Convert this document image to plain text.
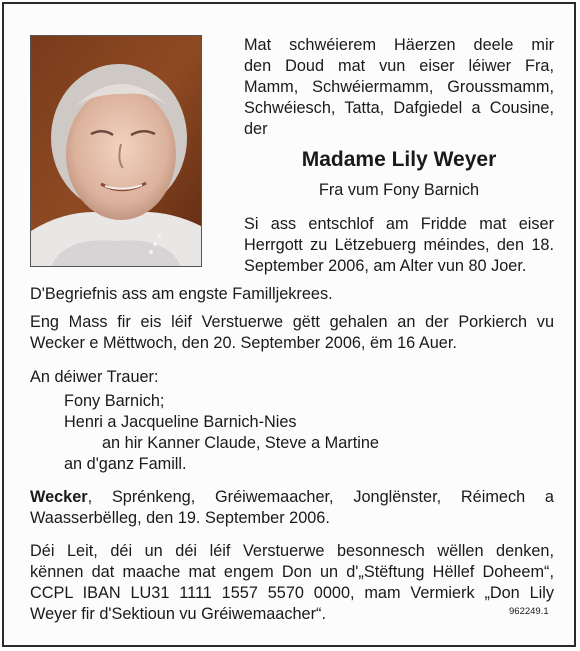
Mat schwéierem Häerzen deele mir
den Doud mat vun eiser léiwer Fra,
Mamm, Schwéiermamm, Groussmamm,
Schwéiesch, Tatta, Dafgiedel a Cousine,
der
Madame Lily Weyer
Fra vum Fony Barnich
Si ass entschlof am Fridde mat eiser
Herrgott zu Lëtzebuerg méindes, den 18.
September 2006, am Alter vun 80 Joer.
D'Begriefnis ass am engste Familljekrees.
Eng Mass fir eis léif Verstuerwe gëtt gehalen an der Porkierch vu
Wecker e Mëttwoch, den 20. September 2006, ëm 16 Auer.
An déiwer Trauer:
Fony Barnich;
Henri a Jacqueline Barnich-Nies
an hir Kanner Claude, Steve a Martine
an d'ganz Famill.
Wecker , Sprénkeng, Gréiwemaacher, Jonglënster, Réimech a
Waasserbëlleg, den 19. September 2006.
Déi Leit, déi un déi léif Verstuerwe besonnesch wëllen denken,
kënnen dat maache mat engem Don un d'„Stëftung Hëllef Doheem“,
CCPL IBAN LU31 1111 1557 5570 0000, mam Vermierk „Don Lily
Weyer fir d'Sektioun vu Gréiwemaacher“.	962249.1
